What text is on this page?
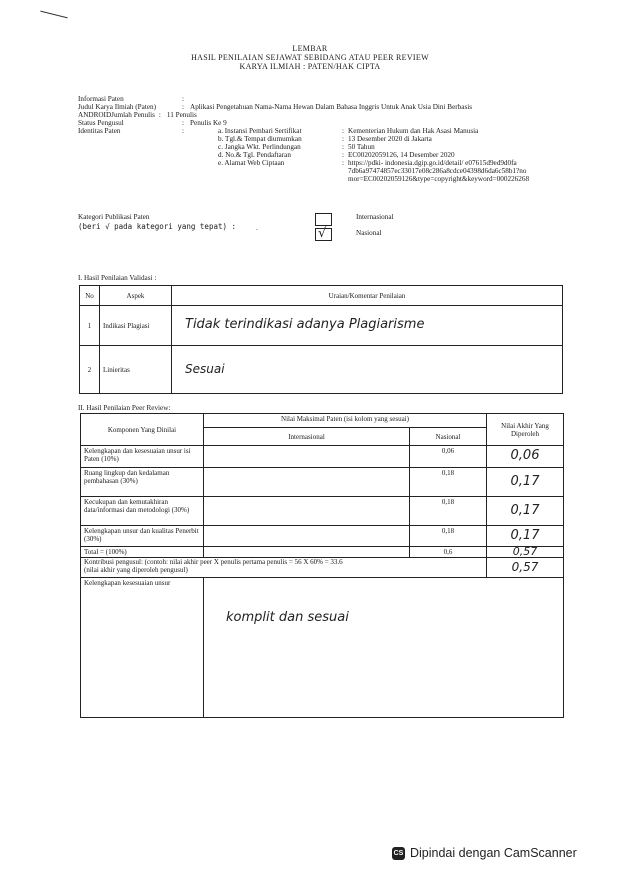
LEMBAR
HASIL PENILAIAN SEJAWAT SEBIDANG ATAU PEER REVIEW
KARYA ILMIAH : PATEN/HAK CIPTA
Informasi Paten	:
Judul Karya Ilmiah (Paten)	: Aplikasi Pengetahuan Nama-Nama Hewan Dalam Bahasa Inggris Untuk Anak Usia Dini Berbasis
ANDROIDJumlah Penulis : 11 Penulis
Status Pengusul	: Penulis Ke 9
Identitas Paten	:	a. Instansi Pembari Sertifikat	: Kementerian Hukum dan Hak Asasi Manusia
b. Tgl.& Tempat diumumkan	: 13 Desember 2020 di Jakarta
c. Jangka Wkt. Perlindungan	: 50 Tahun
d. No.& Tgl. Pendaftaran	: EC00202059126, 14 Desember 2020
e. Alamat Web Ciptaan	: https://pdki- indonesia.dgip.go.id/detail/ e07615d9ed9d0fa
7db6a97474857ec33017e08c286a8cdce04398d6da6c58b1?no
mor=EC00202059126&type=copyright&keyword=000226268
Kategori Publikasi Paten
(beri √ pada kategori yang tepat) :	.
Internasional
√	Nasional
I. Hasil Penilaian Validasi :
No	Aspek	Uraian/Komentar Penilaian
1	Indikasi Plagiasi	Tidak terindikasi adanya Plagiarisme
2	Linieritas	Sesuai
II. Hasil Penilaian Peer Review:
Komponen Yang Dinilai	Nilai Maksimal Paten (isi kolom yang sesuai)		Nilai Akhir Yang Diperoleh
	Internasional	Nasional	
Kelengkapan dan kesesuaian unsur isi Paten (10%)		0,06	0,06
Ruang lingkup dan kedalaman pembahasan (30%)		0,18	0,17
Kecukupan dan kemutakhiran data/informasi dan metodologi (30%)		0,18	0,17
Kelengkapan unsur dan kualitas Penerbit (30%)		0,18	0,17
Total = (100%)		0,6	0,57

Kontribusi pengusul: (contoh: nilai akhir peer X penulis pertama penulis = 56 X 60% = 33.6
(nilai akhir yang diperoleh pengusul)			0,57
Kelengkapan kesesuaian unsur	komplit dan sesuai		
CS Dipindai dengan CamScanner
